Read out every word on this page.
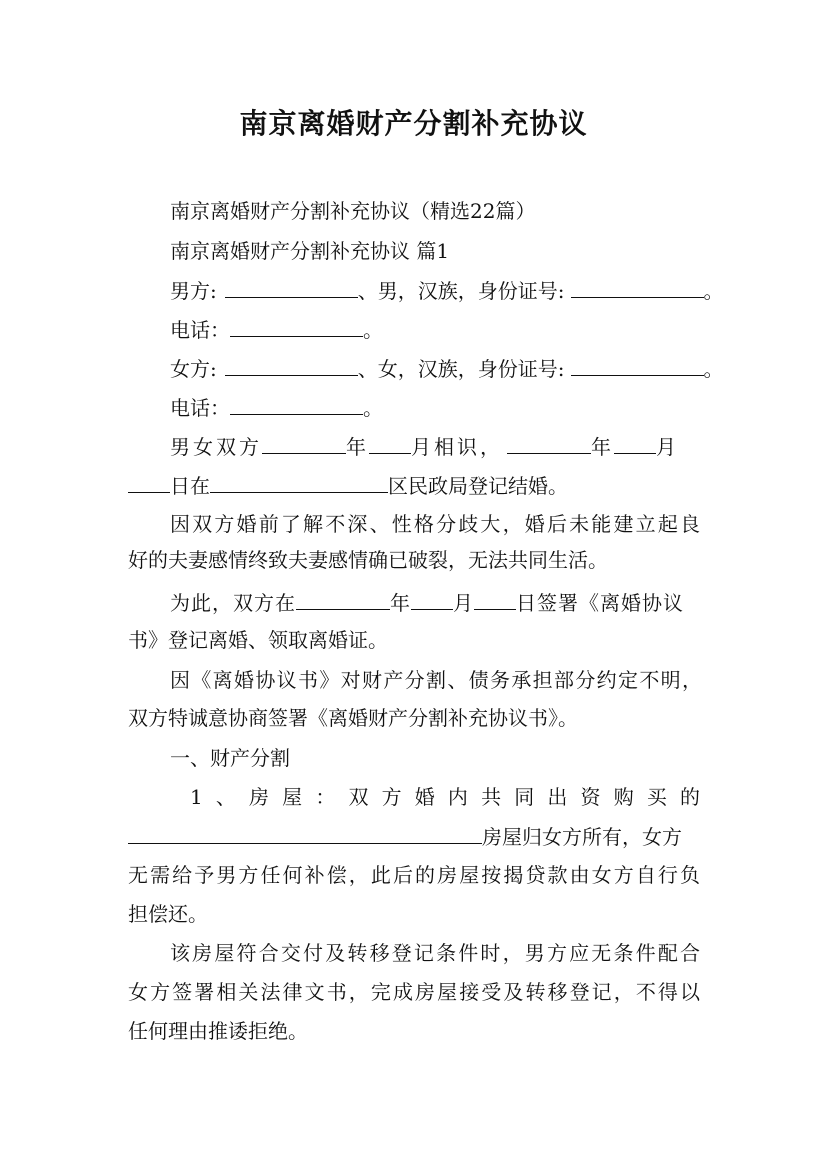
南京离婚财产分割补充协议
南京离婚财产分割补充协议（精选22篇）
南京离婚财产分割补充协议 篇1
男方:	、男，汉族，身份证号:	。
电话：	。
女方:	、女，汉族，身份证号:	。
电话：	。
男女双方	年 月相识，	年 月
日在	区民政局登记结婚。
因双方婚前了解不深、性格分歧大，婚后未能建立起良
好的夫妻感情终致夫妻感情确已破裂，无法共同生活。
为此，双方在	年 月 日签署《离婚协议
书》登记离婚、领取离婚证。
因《离婚协议书》对财产分割、债务承担部分约定不明，
双方特诚意协商签署《离婚财产分割补充协议书》。
一、财产分割
1、房屋：双方婚内共同出资购买的
房屋归女方所有，女方
无需给予男方任何补偿，此后的房屋按揭贷款由女方自行负
担偿还。
该房屋符合交付及转移登记条件时，男方应无条件配合
女方签署相关法律文书，完成房屋接受及转移登记，不得以
任何理由推诿拒绝。
